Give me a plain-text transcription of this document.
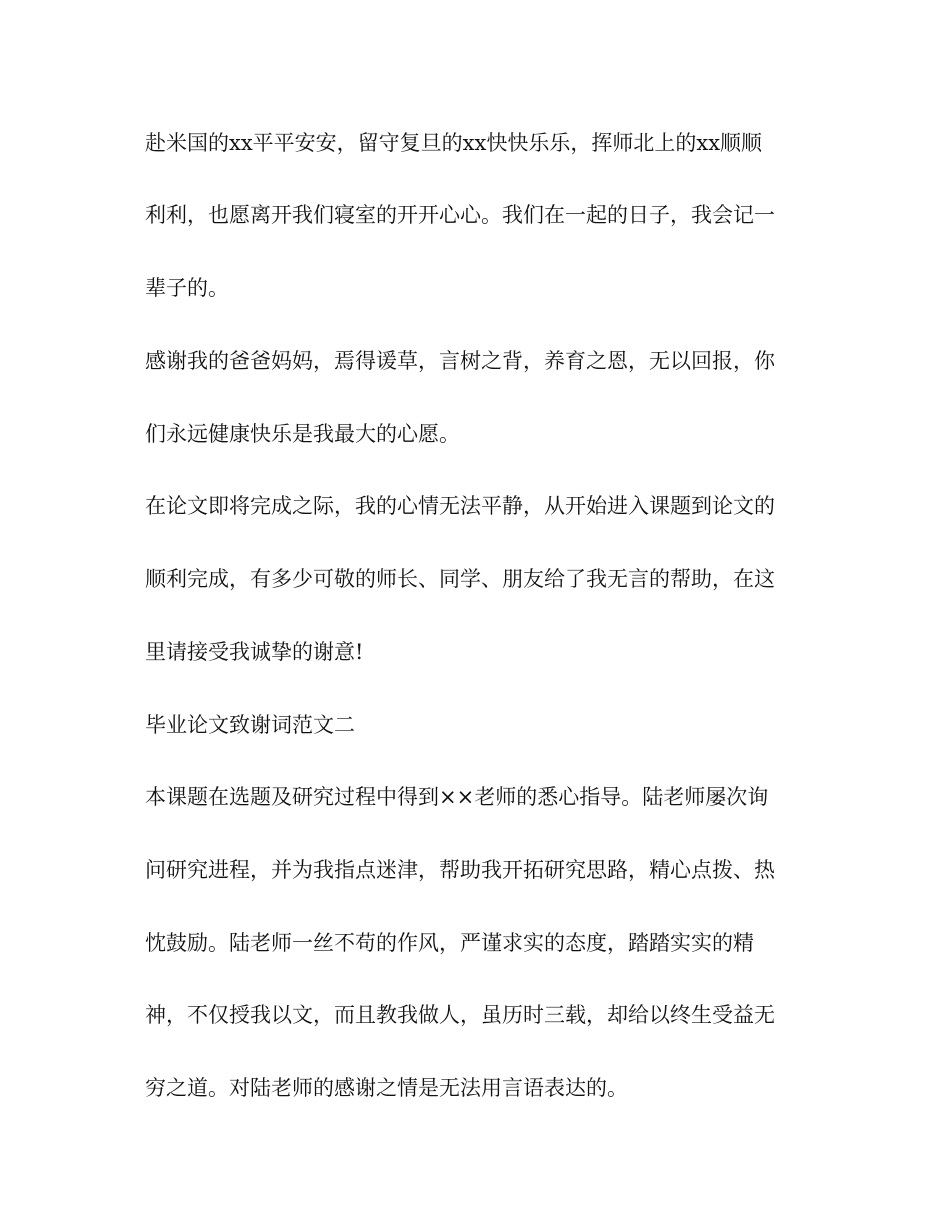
赴米国的xx平平安安，留守复旦的xx快快乐乐，挥师北上的xx顺顺

利利，也愿离开我们寝室的开开心心。我们在一起的日子，我会记一

辈子的。

感谢我的爸爸妈妈，焉得谖草，言树之背，养育之恩，无以回报，你

们永远健康快乐是我最大的心愿。

在论文即将完成之际，我的心情无法平静，从开始进入课题到论文的

顺利完成，有多少可敬的师长、同学、朋友给了我无言的帮助，在这

里请接受我诚挚的谢意!

毕业论文致谢词范文二

本课题在选题及研究过程中得到××老师的悉心指导。陆老师屡次询

问研究进程，并为我指点迷津，帮助我开拓研究思路，精心点拨、热

忱鼓励。陆老师一丝不苟的作风，严谨求实的态度，踏踏实实的精

神，不仅授我以文，而且教我做人，虽历时三载，却给以终生受益无

穷之道。对陆老师的感谢之情是无法用言语表达的。
